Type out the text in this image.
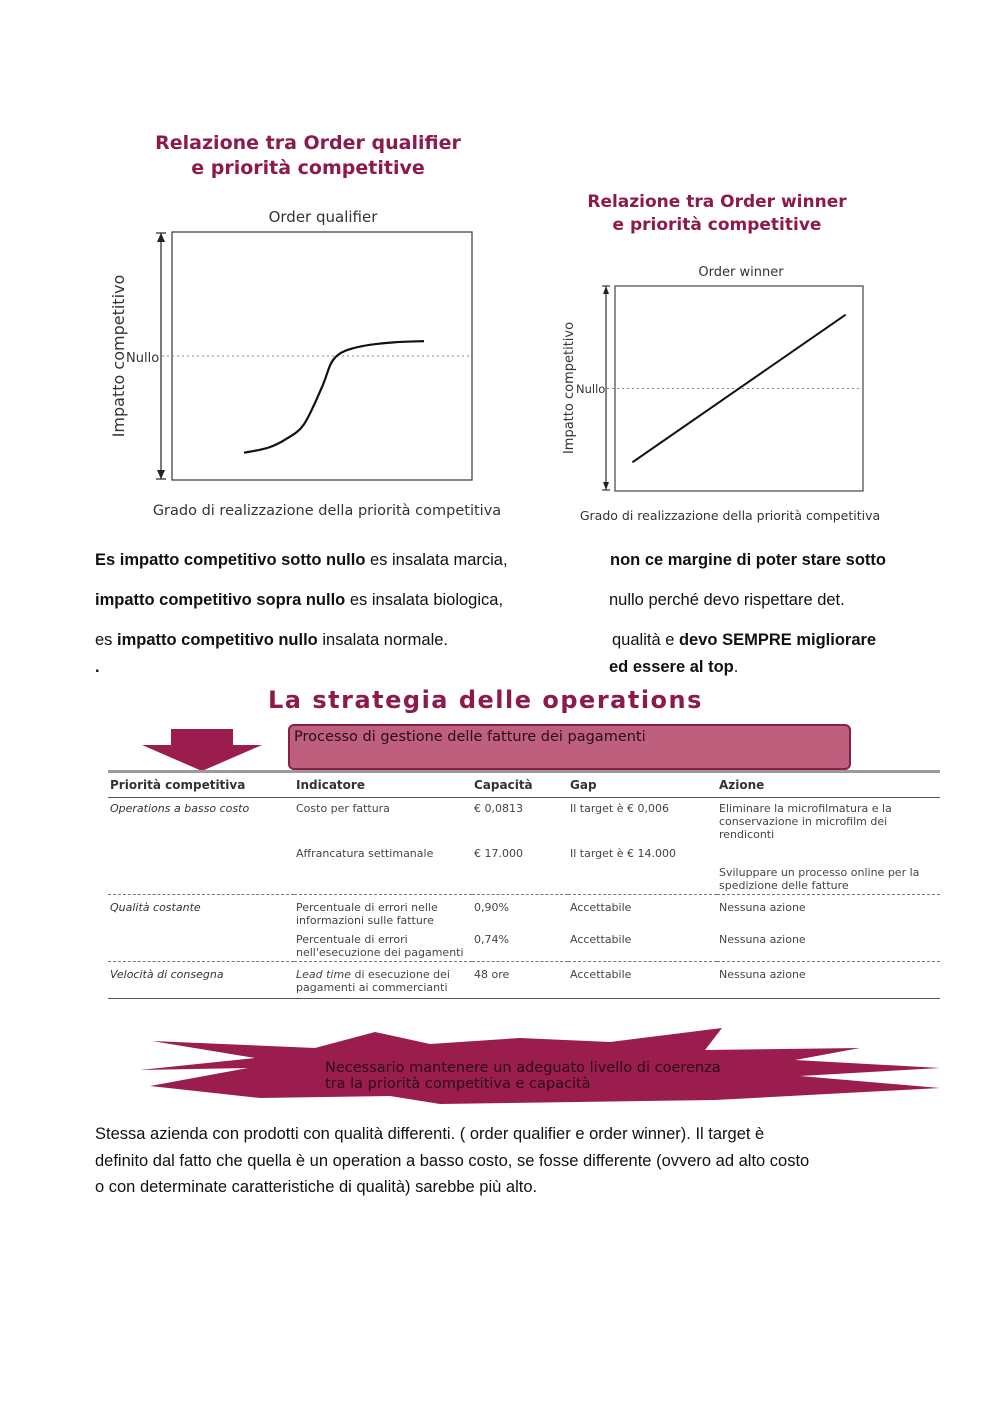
Relazione tra Order qualifier
e priorità competitive
Order qualifier
Impatto competitivo
Nullo
Grado di realizzazione della priorità competitiva
Relazione tra Order winner
e priorità competitive
Order winner
Impatto competitivo Nullo
Grado di realizzazione della priorità competitiva
Es impatto competitivo sotto nullo es insalata marcia,
impatto competitivo sopra nullo es insalata biologica,
es impatto competitivo nullo insalata normale.
.
non ce margine di poter stare sotto
nullo perché devo rispettare det.
qualità e devo SEMPRE migliorare
ed essere al top.
La strategia delle operations
Processo di gestione delle fatture dei pagamenti
Priorità competitiva	Indicatore	Capacità	Gap	Azione
Operations a basso costo	Costo per fattura	€ 0,0813	Il target è € 0,006	Eliminare la microfilmatura e la conservazione in microfilm dei rendiconti
	Affrancatura settimanale	€ 17.000	Il target è € 14.000	
				Sviluppare un processo online per la spedizione delle fatture
Qualità costante	Percentuale di errori nelle informazioni sulle fatture	0,90%	Accettabile	Nessuna azione
	Percentuale di errori nell'esecuzione dei pagamenti	0,74%	Accettabile	Nessuna azione
Velocità di consegna	Lead time di esecuzione dei pagamenti ai commercianti	48 ore	Accettabile	Nessuna azione
Necessario mantenere un adeguato livello di coerenza
tra la priorità competitiva e capacità
Stessa azienda con prodotti con qualità differenti. ( order qualifier e order winner). Il target è
definito dal fatto che quella è un operation a basso costo, se fosse differente (ovvero ad alto costo
o con determinate caratteristiche di qualità) sarebbe più alto.
